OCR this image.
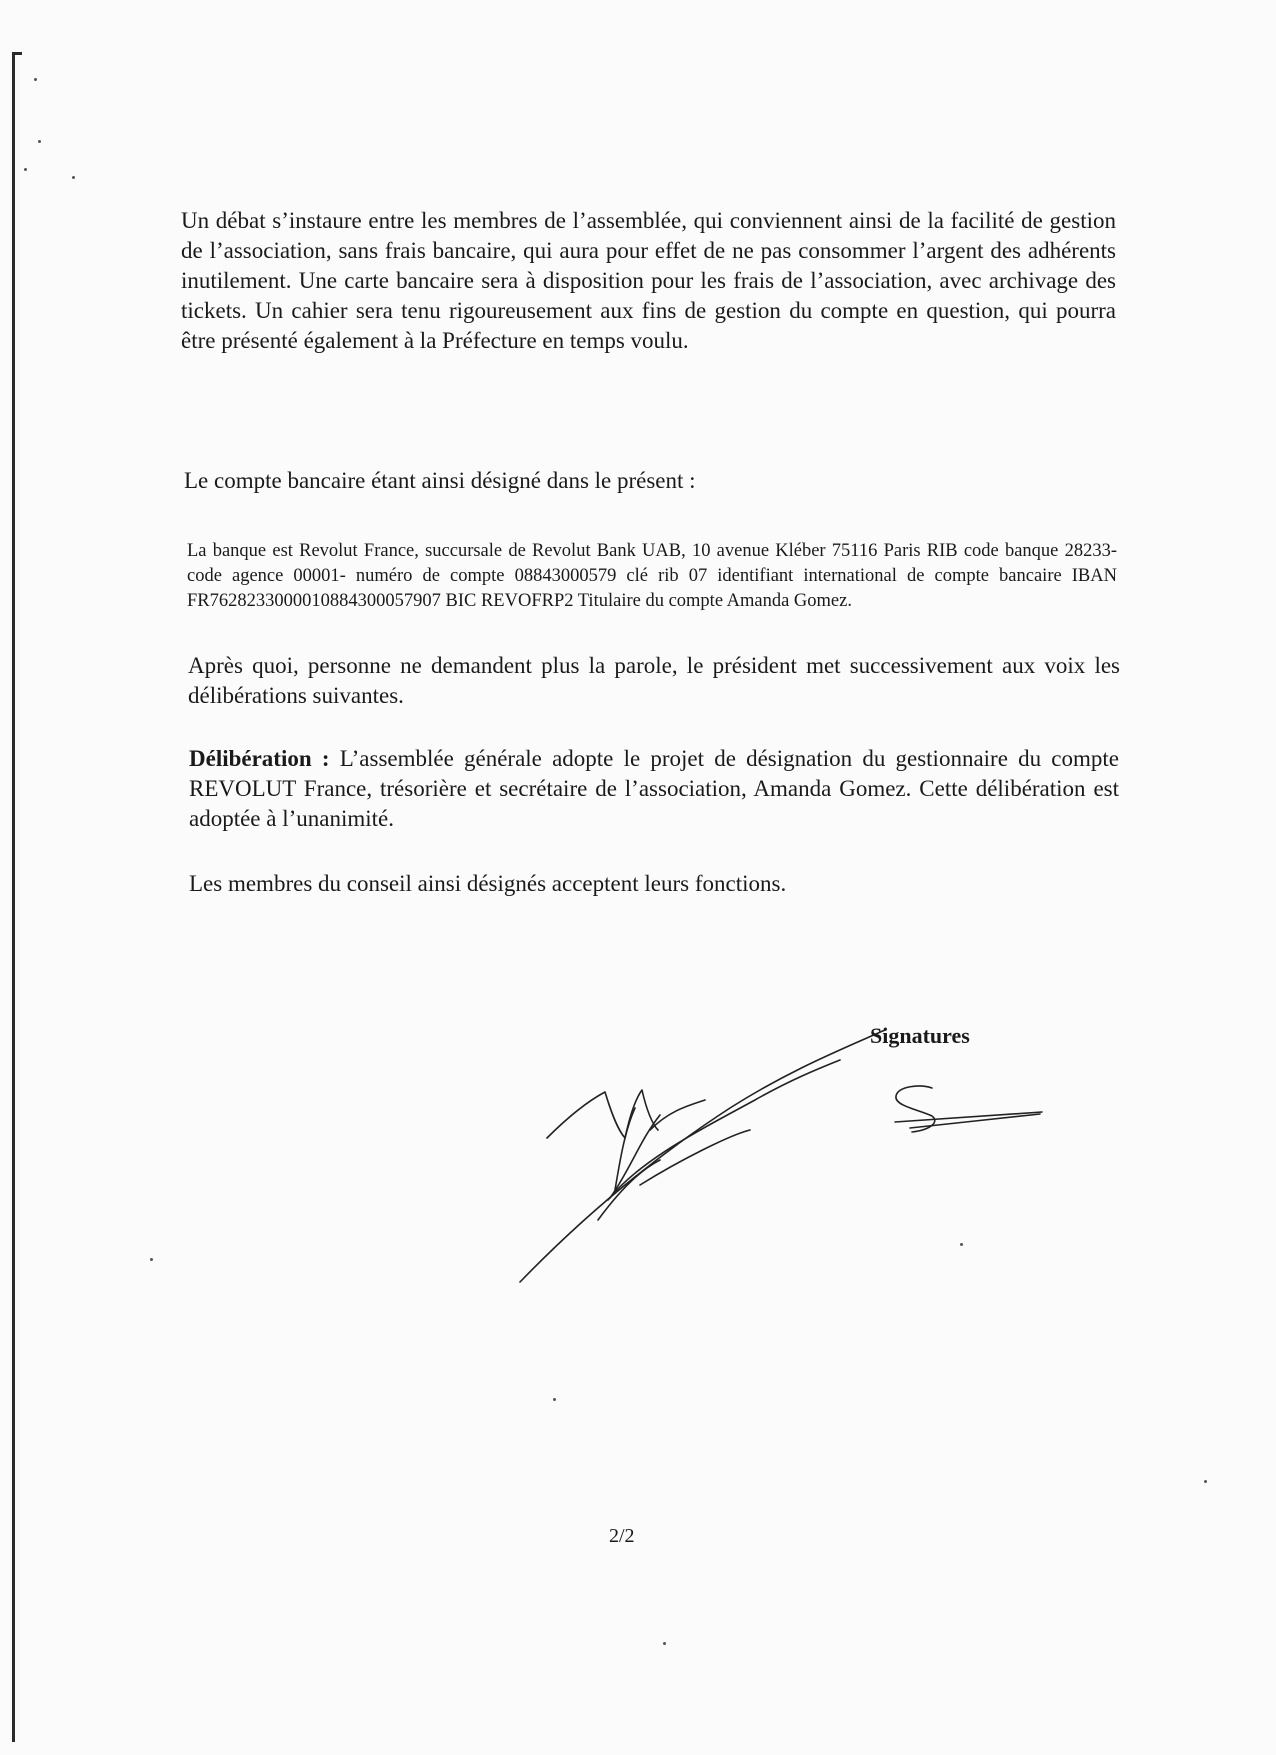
Un débat s’instaure entre les membres de l’assemblée, qui conviennent ainsi de la facilité de gestion de l’association, sans frais bancaire, qui aura pour effet de ne pas consommer l’argent des adhérents inutilement. Une carte bancaire sera à disposition pour les frais de l’association, avec archivage des tickets. Un cahier sera tenu rigoureusement aux fins de gestion du compte en question, qui pourra être présenté également à la Préfecture en temps voulu.

Le compte bancaire étant ainsi désigné dans le présent :

La banque est Revolut France, succursale de Revolut Bank UAB, 10 avenue Kléber 75116 Paris RIB code banque 28233-code agence 00001- numéro de compte 08843000579 clé rib 07 identifiant international de compte bancaire IBAN FR7628233000010884300057907 BIC REVOFRP2 Titulaire du compte Amanda Gomez.

Après quoi, personne ne demandent plus la parole, le président met successivement aux voix les délibérations suivantes.

Délibération : L’assemblée générale adopte le projet de désignation du gestionnaire du compte REVOLUT France, trésorière et secrétaire de l’association, Amanda Gomez. Cette délibération est adoptée à l’unanimité.

Les membres du conseil ainsi désignés acceptent leurs fonctions.

Signatures
2/2
